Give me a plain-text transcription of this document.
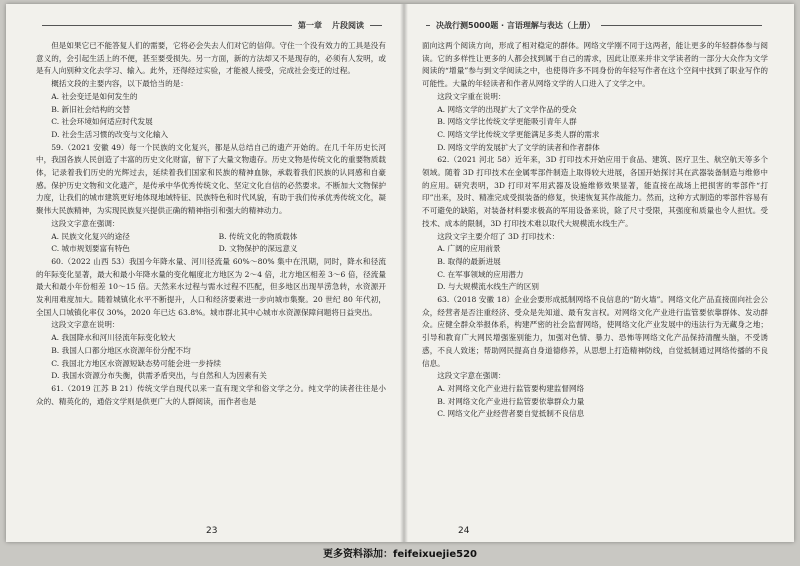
第一章 片段阅读

但是如果它已不能答复人们的需要，它将必会失去人们对它的信仰。守住一个没有效力的工具是没有意义的，会引起生活上的不便，甚至要受损失。另一方面，新的方法却又不是现存的，必须有人发明，或是有人向别种文化去学习、输入。此外，还得经过实验，才能被人接受，完成社会变迁的过程。

概括文段的主要内容，以下最恰当的是：

A. 社会变迁是如何发生的

B. 新旧社会结构的交替

C. 社会环境如何适应时代发展

D. 社会生活习惯的改变与文化输入

59.（2021 安徽 49）每一个民族的文化复兴，都是从总结自己的遗产开始的。在几千年历史长河中，我国各族人民创造了丰富的历史文化财富，留下了大量文物遗存。历史文物是传统文化的重要物质载体，记录着我们历史的光辉过去，延续着我们国家和民族的精神血脉，承载着我们民族的认同感和自豪感。保护历史文物和文化遗产，是传承中华优秀传统文化、坚定文化自信的必然要求。不断加大文物保护力度，让我们的城市建筑更好地体现地域特征、民族特色和时代风貌，有助于我们传承优秀传统文化，凝聚伟大民族精神，为实现民族复兴提供正确的精神指引和强大的精神动力。

这段文字意在强调：

A. 民族文化复兴的途径	B. 传统文化的物质载体
C. 城市规划要富有特色	D. 文物保护的深远意义

60.（2022 山西 53）我国今年降水量、河川径流量 60%～80% 集中在汛期，同时，降水和径流的年际变化显著，最大和最小年降水量的变化幅度北方地区为 2～4 倍，北方地区相差 3～6 倍，径流量最大和最小年份相差 10～15 倍。天然来水过程与需水过程不匹配，但多地区出现旱涝急转，水资源开发利用难度加大。随着城镇化水平不断提升，人口和经济要素进一步向城市集聚。20 世纪 80 年代初，全国人口城镇化率仅 30%，2020 年已达 63.8%。城市群北其中心城市水资源保障问题将日益突出。

这段文字意在说明：

A. 我国降水和河川径流年际变化较大

B. 我国人口都分地区水资源年份分配不均

C. 我国北方地区水资源短缺态势可能会进一步持续

D. 我国水资源分布失衡，供需矛盾突出，与自然和人为因素有关

61.（2019 江苏 B 21）传统文学自现代以来一直有现文学和俗文学之分。纯文学的读者往往是小众的、精英化的，通俗文学则是供更广大的人群阅读，而作者也是

23
决战行测5000题 · 言语理解与表达（上册）

面向这两个阅读方向，形成了相对稳定的群体。网络文学刚不同于这两者，能让更多的年轻群体参与阅读。它的多样性让更多的人都会找到属于自己的需求，因此让原来并非文学读者的一部分大众作为文学阅读的“增量”参与到文学阅读之中，也使得许多不同身份的年轻写作者在这个空间中找到了职业写作的可能性。大量的年轻读者和作者从网络文学的人口进入了文学之中。

这段文字重在说明：

A. 网络文学的出现扩大了文学作品的受众

B. 网络文学比传统文学更能吸引青年人群

C. 网络文学比传统文学更能满足多类人群的需求

D. 网络文学的发展扩大了文学的读者和作者群体

62.（2021 河北 58）近年来，3D 打印技术开始应用于食品、建筑、医疗卫生、航空航天等多个领域。随着 3D 打印技术在金属零部件制造上取得较大进展，各国开始探讨其在武器装备制造与维修中的应用。研究表明，3D 打印对军用武器及设施维修效果显著，能直接在战场上把损害的零部件“打印”出来，及时、精准完成受损装备的修复，快速恢复其作战能力。然而，这种方式制造的零部件容易有不可避免的缺陷，对装备材料要求极高的军用设备来说，除了尺寸受限，其强度和质量也令人担忧。受技术、成本的限制，3D 打印技术难以取代大规模流水线生产。

这段文字主要介绍了 3D 打印技术：

A. 广阔的应用前景

B. 取得的最新进展

C. 在军事领域的应用潜力

D. 与大规模流水线生产的区别

63.（2018 安徽 18）企业会要形成抵制网络不良信息的“防火墙”。网络文化产品直接面向社会公众，经营者是否注重经济、受众是先知道、最有发言权。对网络文化产业进行监管要依靠群体、发动群众。应健全群众举报体系，构建严密的社会监督网络，使网络文化产业发展中的违法行为无藏身之地；引导和教育广大网民增强鉴别能力，加强对色情、暴力、恐怖等网络文化产品保持清醒头脑，不受诱惑，不良人致迷；帮助网民提高自身道德修养，从思想上打造精神防线，自觉抵制通过网络传播的不良信息。

这段文字意在强调：

A. 对网络文化产业进行监管要构建监督网络

B. 对网络文化产业进行监管要依靠群众力量

C. 网络文化产业经营者要自觉抵制不良信息

24
更多资料添加：feifeixuejie520
